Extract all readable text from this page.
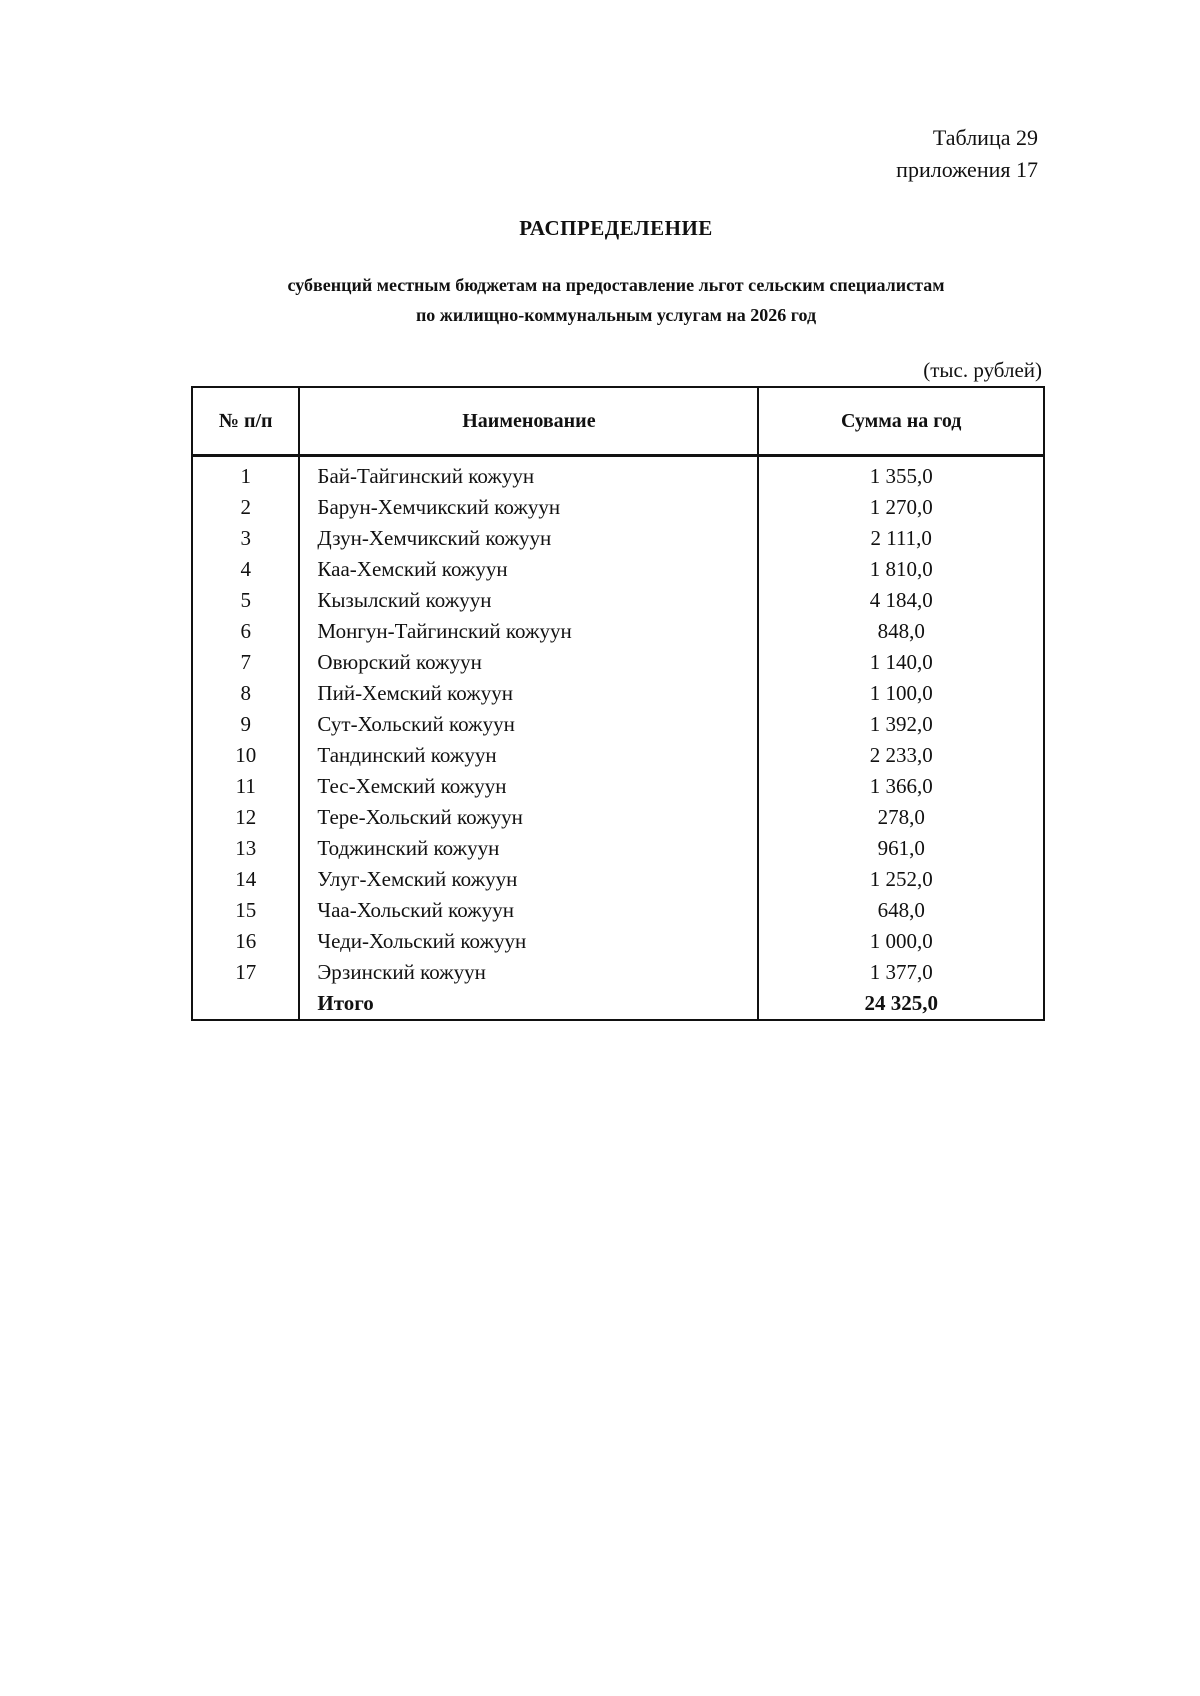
Таблица 29
приложения 17
РАСПРЕДЕЛЕНИЕ
субвенций местным бюджетам на предоставление льгот сельским специалистам
по жилищно-коммунальным услугам на 2026 год
(тыс. рублей)
№ п/п	Наименование	Сумма на год
1	Бай-Тайгинский кожуун	1 355,0
2	Барун-Хемчикский кожуун	1 270,0
3	Дзун-Хемчикский кожуун	2 111,0
4	Каа-Хемский кожуун	1 810,0
5	Кызылский кожуун	4 184,0
6	Монгун-Тайгинский кожуун	848,0
7	Овюрский кожуун	1 140,0
8	Пий-Хемский кожуун	1 100,0
9	Сут-Хольский кожуун	1 392,0
10	Тандинский кожуун	2 233,0
11	Тес-Хемский кожуун	1 366,0
12	Тере-Хольский кожуун	278,0
13	Тоджинский кожуун	961,0
14	Улуг-Хемский кожуун	1 252,0
15	Чаа-Хольский кожуун	648,0
16	Чеди-Хольский кожуун	1 000,0
17	Эрзинский кожуун	1 377,0
	Итого	24 325,0
